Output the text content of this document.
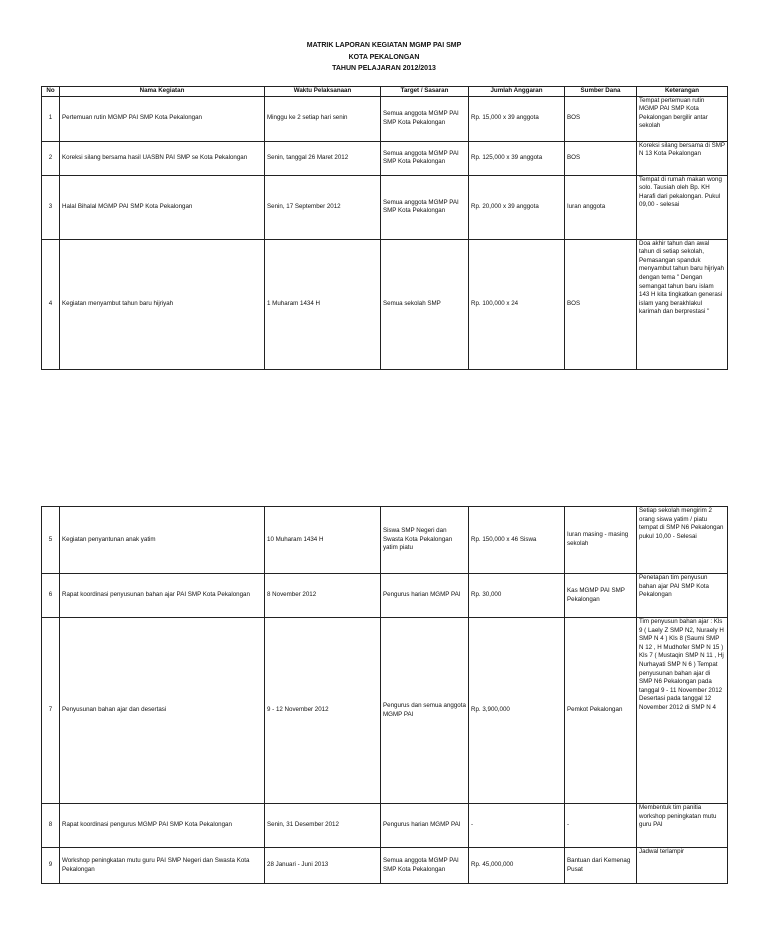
MATRIK LAPORAN KEGIATAN MGMP PAI SMP
KOTA PEKALONGAN
TAHUN PELAJARAN 2012/2013
No	Nama Kegiatan	Waktu Pelaksanaan	Target / Sasaran	Jumlah Anggaran	Sumber Dana	Keterangan
1	Pertemuan rutin MGMP PAI SMP Kota Pekalongan	Minggu ke 2 setiap hari senin	Semua anggota MGMP PAI SMP Kota Pekalongan	Rp. 15,000 x 39 anggota	BOS	Tempat pertemuan rutin MGMP PAI SMP Kota Pekalongan bergilir antar sekolah
2	Koreksi silang bersama hasil UASBN PAI SMP se Kota Pekalongan	Senin, tanggal 26 Maret 2012	Semua anggota MGMP PAI SMP Kota Pekalongan	Rp. 125,000 x 39 anggota	BOS	Koreksi silang bersama di SMP N 13 Kota Pekalongan
3	Halal Bihalal MGMP PAI SMP Kota Pekalongan	Senin, 17 September 2012	Semua anggota MGMP PAI SMP Kota Pekalongan	Rp. 20,000 x 39 anggota	Iuran anggota	Tempat di rumah makan wong solo. Tausiah oleh Bp. KH Harafi dari pekalongan. Pukul 09,00 - selesai
4	Kegiatan menyambut tahun baru hijriyah	1 Muharam 1434 H	Semua sekolah SMP	Rp. 100,000 x 24	BOS	Doa akhir tahun dan awal tahun di setiap sekolah, Pemasangan spanduk menyambut tahun baru hijriyah dengan tema " Dengan semangat tahun baru islam 143 H kita tingkatkan generasi islam yang berakhlakul karimah dan berprestasi "
5	Kegiatan penyantunan anak yatim	10 Muharam 1434 H	Siswa SMP Negeri dan Swasta Kota Pekalongan yatim piatu	Rp. 150,000 x 46 Siswa	Iuran masing - masing sekolah	Setiap sekolah mengirim 2 orang siswa yatim / piatu tempat di SMP N6 Pekalongan pukul 10,00 - Selesai
6	Rapat koordinasi penyusunan bahan ajar PAI SMP Kota Pekalongan	8 November 2012	Pengurus harian MGMP PAI	Rp. 30,000	Kas MGMP PAI SMP Pekalongan	Penetapan tim penyusun bahan ajar PAI SMP Kota Pekalongan
7	Penyusunan bahan ajar dan desertasi	9 - 12 November 2012	Pengurus dan semua anggota MGMP PAI	Rp. 3,900,000	Pemkot Pekalongan	Tim penyusun bahan ajar : Kls 9 ( Laely Z SMP N2, Nuraely H SMP N 4 ) Kls 8 (Saumi SMP N 12 , H Mudhofer SMP N 15 ) Kls 7 ( Mustaqin SMP N 11 , Hj Nurhayati SMP N 6 ) Tempat penyusunan bahan ajar di SMP N6 Pekalongan pada tanggal 9 - 11 November 2012 Desertasi pada tanggal 12 November 2012 di SMP N 4
8	Rapat koordinasi pengurus MGMP PAI SMP Kota Pekalongan	Senin, 31 Desember 2012	Pengurus harian MGMP PAI	-	-	Membentuk tim panitia workshop peningkatan mutu guru PAI
9	Workshop peningkatan mutu guru PAI SMP Negeri dan Swasta Kota Pekalongan	28 Januari - Juni 2013	Semua anggota MGMP PAI SMP Kota Pekalongan	Rp. 45,000,000	Bantuan dari Kemenag Pusat	Jadwal terlampir
